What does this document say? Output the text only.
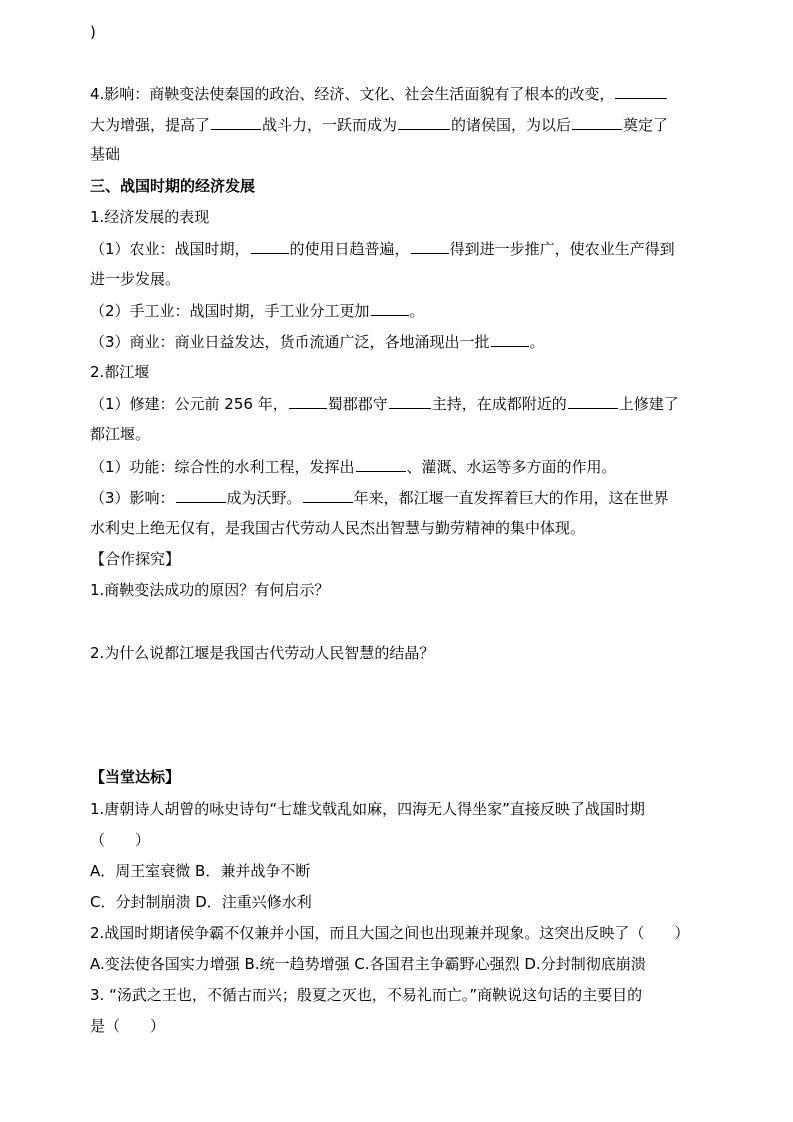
)
4.影响：商鞅变法使秦国的政治、经济、文化、社会生活面貌有了根本的改变，
大为增强，提高了	战斗力，一跃而成为	的诸侯国，为以后	奠定了
基础
三、战国时期的经济发展
1.经济发展的表现
（1）农业：战国时期，	的使用日趋普遍，	得到进一步推广，使农业生产得到
进一步发展。
（2）手工业：战国时期，手工业分工更加	。
（3）商业：商业日益发达，货币流通广泛，各地涌现出一批	。
2.都江堰
（1）修建：公元前 256 年，	蜀郡郡守	主持，在成都附近的	上修建了
都江堰。
（1）功能：综合性的水利工程，发挥出	、灌溉、水运等多方面的作用。
（3）影响：	成为沃野。	年来，都江堰一直发挥着巨大的作用，这在世界
水利史上绝无仅有，是我国古代劳动人民杰出智慧与勤劳精神的集中体现。
【合作探究】
1.商鞅变法成功的原因？有何启示？
2.为什么说都江堰是我国古代劳动人民智慧的结晶？
【当堂达标】
1.唐朝诗人胡曾的咏史诗句“七雄戈戟乱如麻，四海无人得坐家”直接反映了战国时期
（　　）
A．周王室衰微 B．兼并战争不断
C．分封制崩溃 D．注重兴修水利
2.战国时期诸侯争霸不仅兼并小国，而且大国之间也出现兼并现象。这突出反映了（　　）
A.变法使各国实力增强 B.统一趋势增强 C.各国君主争霸野心强烈 D.分封制彻底崩溃
3. “汤武之王也，不循古而兴；殷夏之灭也，不易礼而亡。”商鞅说这句话的主要目的
是（　　）
